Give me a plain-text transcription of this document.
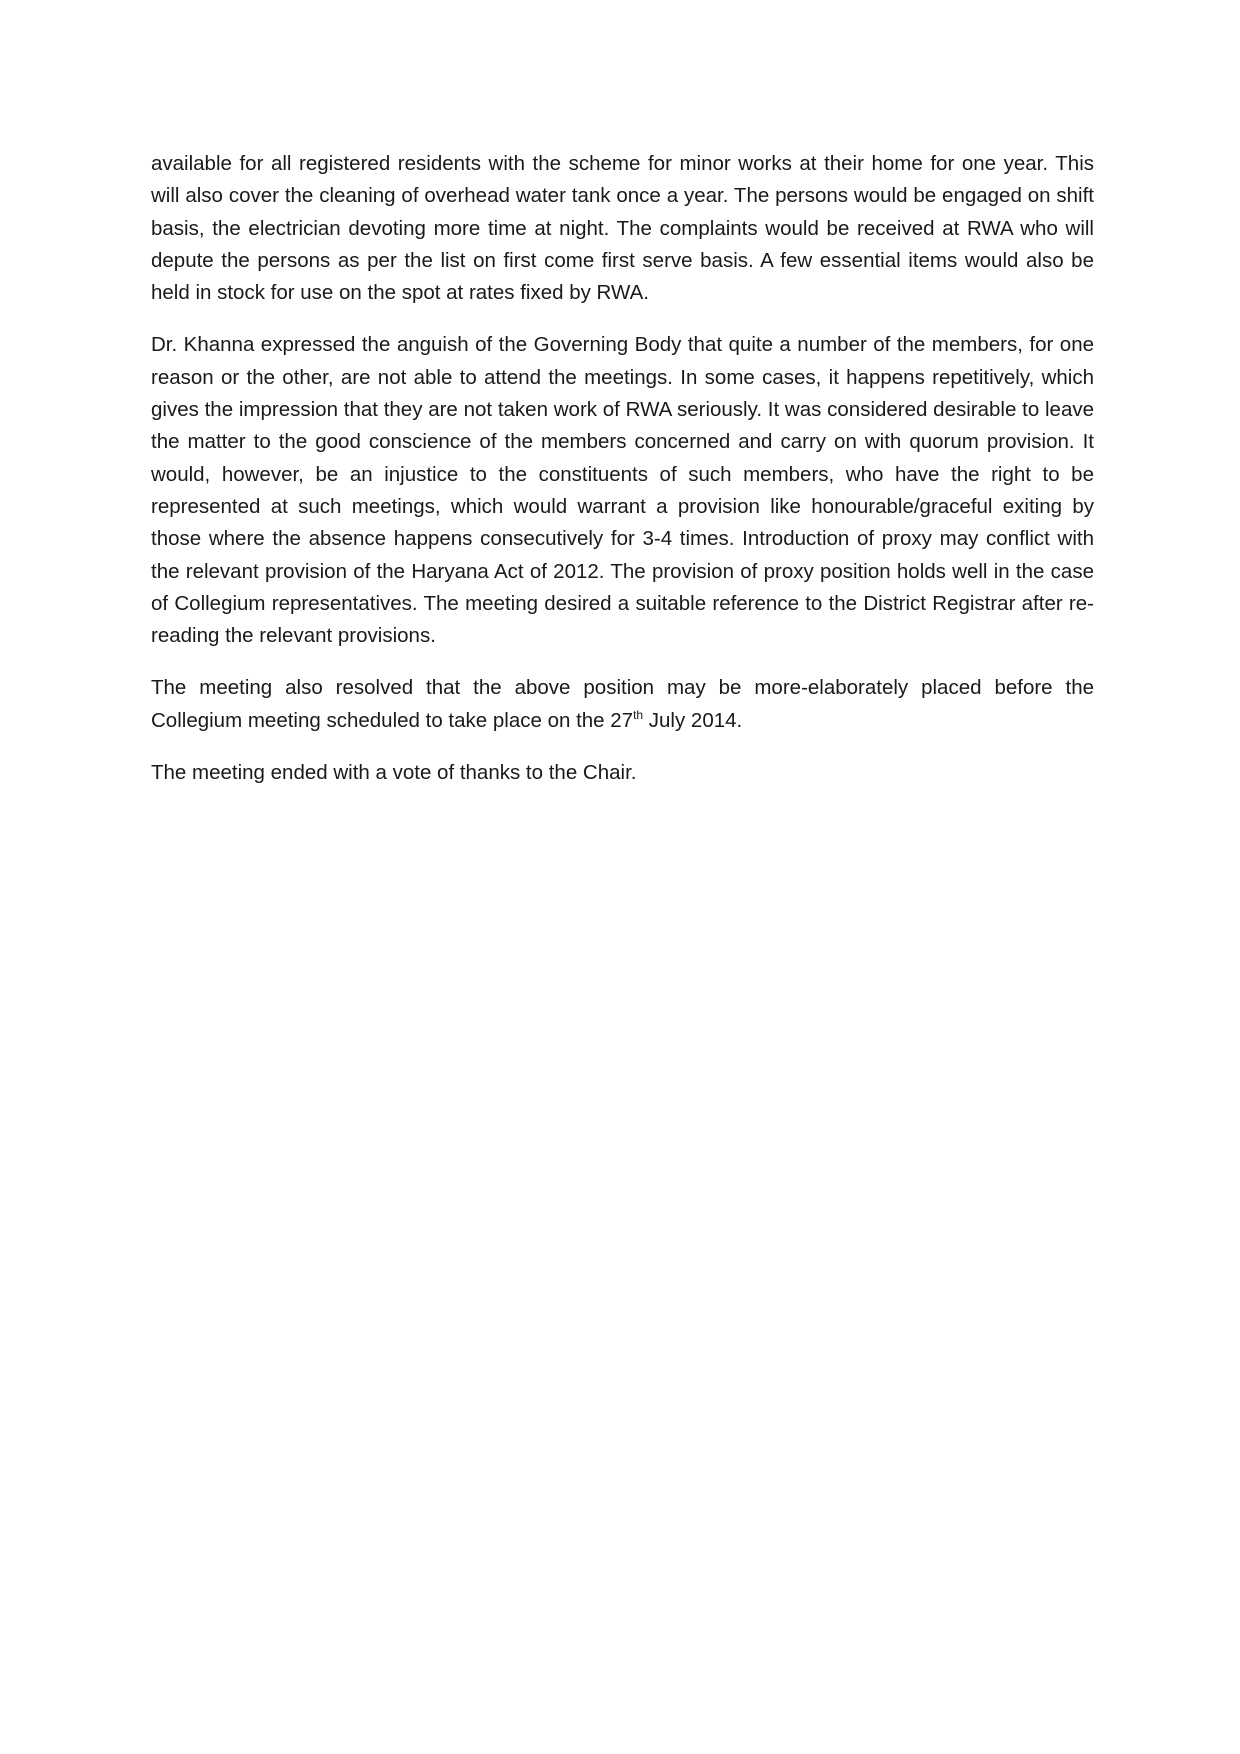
available for all registered residents with the scheme for minor works at their home for one year. This will also cover the cleaning of overhead water tank once a year. The persons would be engaged on shift basis, the electrician devoting more time at night. The complaints would be received at RWA who will depute the persons as per the list on first come first serve basis. A few essential items would also be held in stock for use on the spot at rates fixed by RWA.

Dr. Khanna expressed the anguish of the Governing Body that quite a number of the members, for one reason or the other, are not able to attend the meetings. In some cases, it happens repetitively, which gives the impression that they are not taken work of RWA seriously. It was considered desirable to leave the matter to the good conscience of the members concerned and carry on with quorum provision. It would, however, be an injustice to the constituents of such members, who have the right to be represented at such meetings, which would warrant a provision like honourable/graceful exiting by those where the absence happens consecutively for 3-4 times. Introduction of proxy may conflict with the relevant provision of the Haryana Act of 2012. The provision of proxy position holds well in the case of Collegium representatives. The meeting desired a suitable reference to the District Registrar after re-reading the relevant provisions.

The meeting also resolved that the above position may be more-elaborately placed before the Collegium meeting scheduled to take place on the 27th July 2014.

The meeting ended with a vote of thanks to the Chair.
